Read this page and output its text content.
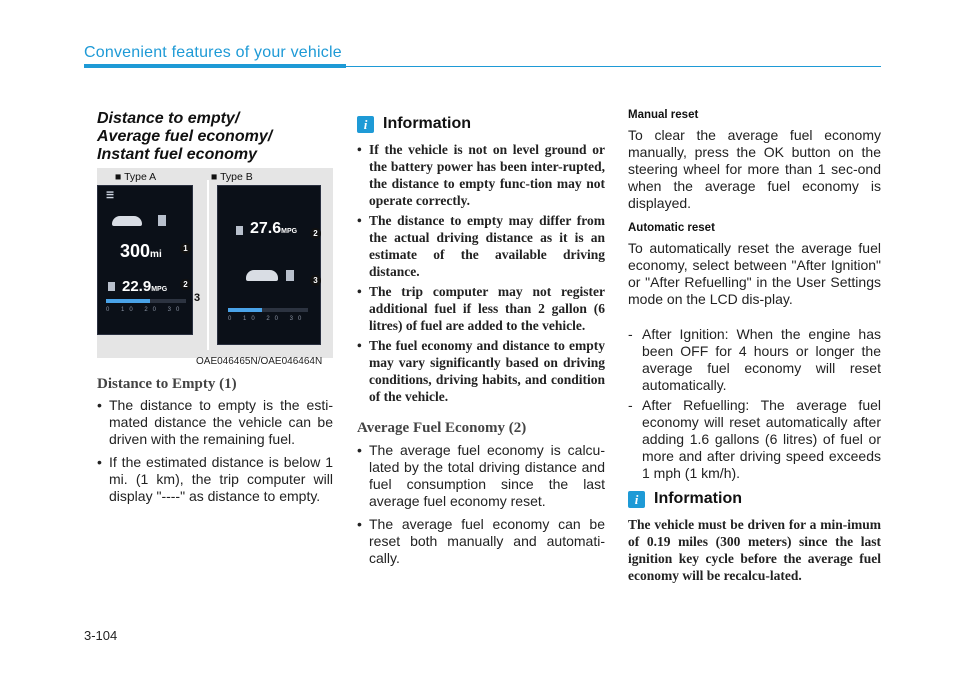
Convenient features of your vehicle
Distance to empty/
Average fuel economy/
Instant fuel economy
■ Type A
☰
300mi
22.9MPG
0 10 20 30
1
2
3
■ Type B
27.6MPG
0 10 20 30
2
3
OAE046465N/OAE046464N
Distance to Empty (1)
• The distance to empty is the esti-mated distance the vehicle can be driven with the remaining fuel.
• If the estimated distance is below 1 mi. (1 km), the trip computer will display "----" as distance to empty.
i Information
• If the vehicle is not on level ground or the battery power has been inter-rupted, the distance to empty func-tion may not operate correctly.
• The distance to empty may differ from the actual driving distance as it is an estimate of the available driving distance.
• The trip computer may not register additional fuel if less than 2 gallon (6 litres) of fuel are added to the vehicle.
• The fuel economy and distance to empty may vary significantly based on driving conditions, driving habits, and condition of the vehicle.
Average Fuel Economy (2)
• The average fuel economy is calcu-lated by the total driving distance and fuel consumption since the last average fuel economy reset.
• The average fuel economy can be reset both manually and automati-cally.
Manual reset
To clear the average fuel economy manually, press the OK button on the steering wheel for more than 1 sec-ond when the average fuel economy is displayed.
Automatic reset
To automatically reset the average fuel economy, select between "After Ignition" or "After Refuelling" in the User Settings mode on the LCD dis-play.
- After Ignition: When the engine has been OFF for 4 hours or longer the average fuel economy will reset automatically.
- After Refuelling: The average fuel economy will reset automatically after adding 1.6 gallons (6 litres) of fuel or more and after driving speed exceeds 1 mph (1 km/h).
i Information
The vehicle must be driven for a min-imum of 0.19 miles (300 meters) since the last ignition key cycle before the average fuel economy will be recalcu-lated.
3-104
